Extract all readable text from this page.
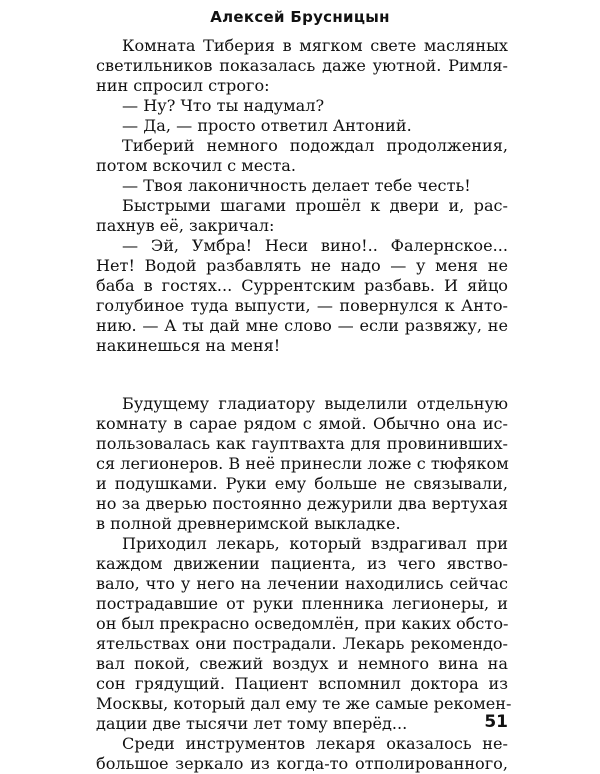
Алексей Брусницын
Комната Тиберия в мягком свете масляных
светильников показалась даже уютной. Римля-
нин спросил строго:
— Ну? Что ты надумал?
— Да, — просто ответил Антоний.
Тиберий немного подождал продолжения,
потом вскочил с места.
— Твоя лаконичность делает тебе честь!
Быстрыми шагами прошёл к двери и, рас-
пахнув её, закричал:
— Эй, Умбра! Неси вино!.. Фалернское...
Нет! Водой разбавлять не надо — у меня не
баба в гостях... Суррентским разбавь. И яйцо
голубиное туда выпусти, — повернулся к Анто-
нию. — А ты дай мне слово — если развяжу, не
накинешься на меня!
Будущему гладиатору выделили отдельную
комнату в сарае рядом с ямой. Обычно она ис-
пользовалась как гауптвахта для провинивших-
ся легионеров. В неё принесли ложе с тюфяком
и подушками. Руки ему больше не связывали,
но за дверью постоянно дежурили два вертухая
в полной древнеримской выкладке.
Приходил лекарь, который вздрагивал при
каждом движении пациента, из чего явство-
вало, что у него на лечении находились сейчас
пострадавшие от руки пленника легионеры, и
он был прекрасно осведомлён, при каких обсто-
ятельствах они пострадали. Лекарь рекомендо-
вал покой, свежий воздух и немного вина на
сон грядущий. Пациент вспомнил доктора из
Москвы, который дал ему те же самые рекомен-
дации две тысячи лет тому вперёд...
Среди инструментов лекаря оказалось не-
большое зеркало из когда-то отполированного,
51
